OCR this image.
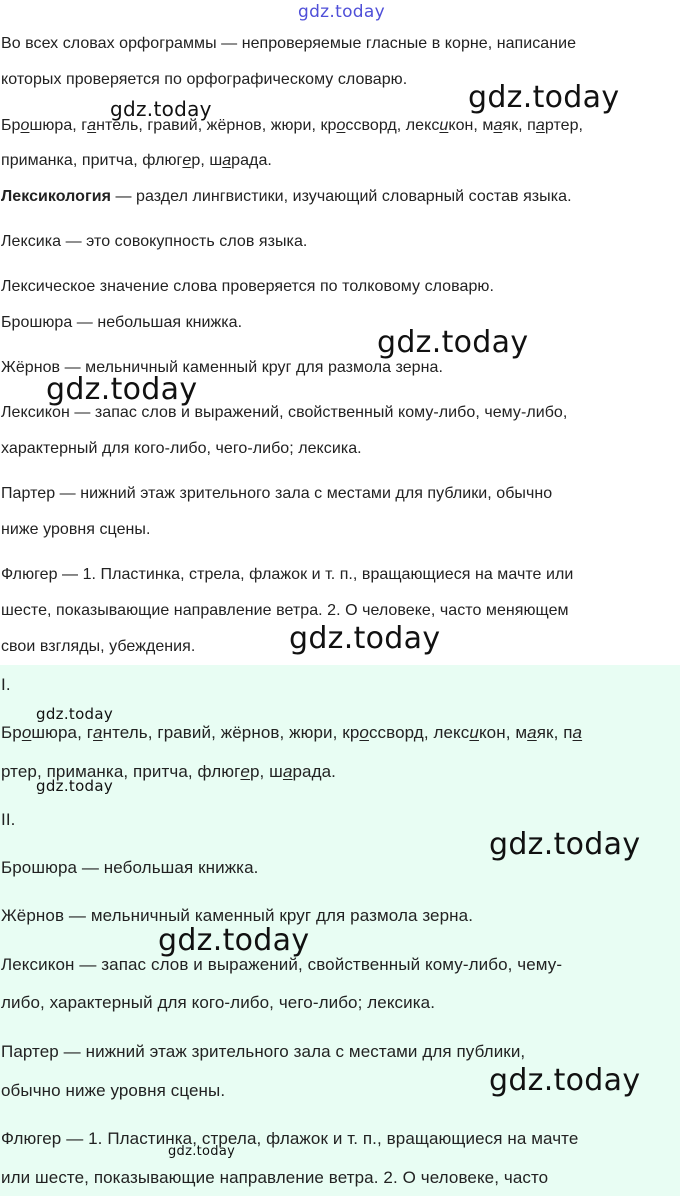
gdz.today
Во всех словах орфограммы — непроверяемые гласные в корне, написание
которых проверяется по орфографическому словарю.
Брошюра, гантель, гравий, жёрнов, жюри, кроссворд, лексикон, маяк, партер,
приманка, притча, флюгер, шарада.
Лексикология — раздел лингвистики, изучающий словарный состав языка.
Лексика — это совокупность слов языка.
Лексическое значение слова проверяется по толковому словарю.
Брошюра — небольшая книжка.
Жёрнов — мельничный каменный круг для размола зерна.
Лексикон — запас слов и выражений, свойственный кому-либо, чему-либо,
характерный для кого-либо, чего-либо; лексика.
Партер — нижний этаж зрительного зала с местами для публики, обычно
ниже уровня сцены.
Флюгер — 1. Пластинка, стрела, флажок и т. п., вращающиеся на мачте или
шесте, показывающие направление ветра. 2. О человеке, часто меняющем
свои взгляды, убеждения.
gdz.today	gdz.today
gdz.today
gdz.today
gdz.today
I.
Брошюра, гантель, гравий, жёрнов, жюри, кроссворд, лексикон, маяк, па
ртер, приманка, притча, флюгер, шарада.
II.
Брошюра — небольшая книжка.
Жёрнов — мельничный каменный круг для размола зерна.
Лексикон — запас слов и выражений, свойственный кому-либо, чему-
либо, характерный для кого-либо, чего-либо; лексика.
Партер — нижний этаж зрительного зала с местами для публики,
обычно ниже уровня сцены.
Флюгер — 1. Пластинка, стрела, флажок и т. п., вращающиеся на мачте
или шесте, показывающие направление ветра. 2. О человеке, часто
gdz.today
gdz.today
gdz.today
gdz.today
gdz.today
gdz.today
